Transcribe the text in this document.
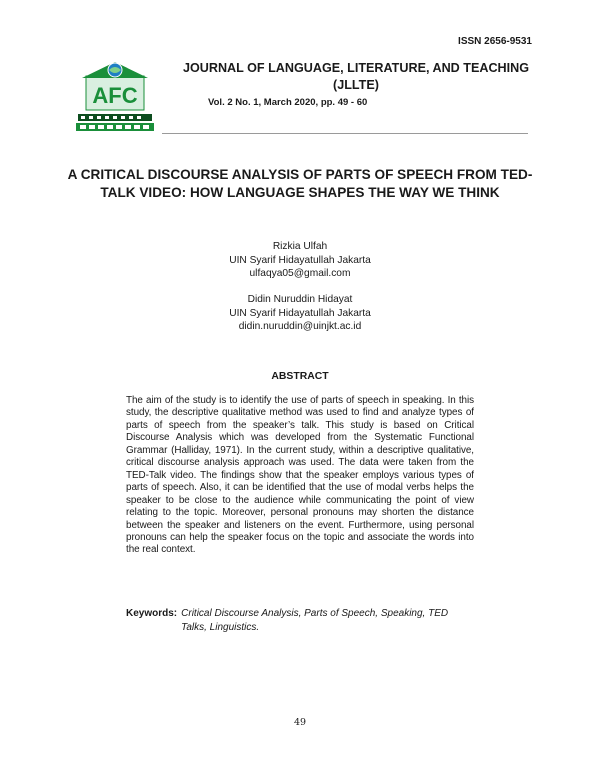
ISSN 2656-9531
AFC
JOURNAL OF LANGUAGE, LITERATURE, AND TEACHING (JLLTE)
Vol. 2 No. 1, March 2020, pp. 49 - 60
A CRITICAL DISCOURSE ANALYSIS OF PARTS OF SPEECH FROM TED-TALK VIDEO: HOW LANGUAGE SHAPES THE WAY WE THINK
Rizkia Ulfah
UIN Syarif Hidayatullah Jakarta
ulfaqya05@gmail.com
Didin Nuruddin Hidayat
UIN Syarif Hidayatullah Jakarta
didin.nuruddin@uinjkt.ac.id
ABSTRACT
The aim of the study is to identify the use of parts of speech in speaking. In this study, the descriptive qualitative method was used to find and analyze types of parts of speech from the speaker’s talk. This study is based on Critical Discourse Analysis which was developed from the Systematic Functional Grammar (Halliday, 1971). In the current study, within a descriptive qualitative, critical discourse analysis approach was used. The data were taken from the TED-Talk video. The findings show that the speaker employs various types of parts of speech. Also, it can be identified that the use of modal verbs helps the speaker to be close to the audience while communicating the point of view relating to the topic. Moreover, personal pronouns may shorten the distance between the speaker and listeners on the event. Furthermore, using personal pronouns can help the speaker focus on the topic and associate the words into the real context.
Keywords: Critical Discourse Analysis, Parts of Speech, Speaking, TED Talks, Linguistics.
49
